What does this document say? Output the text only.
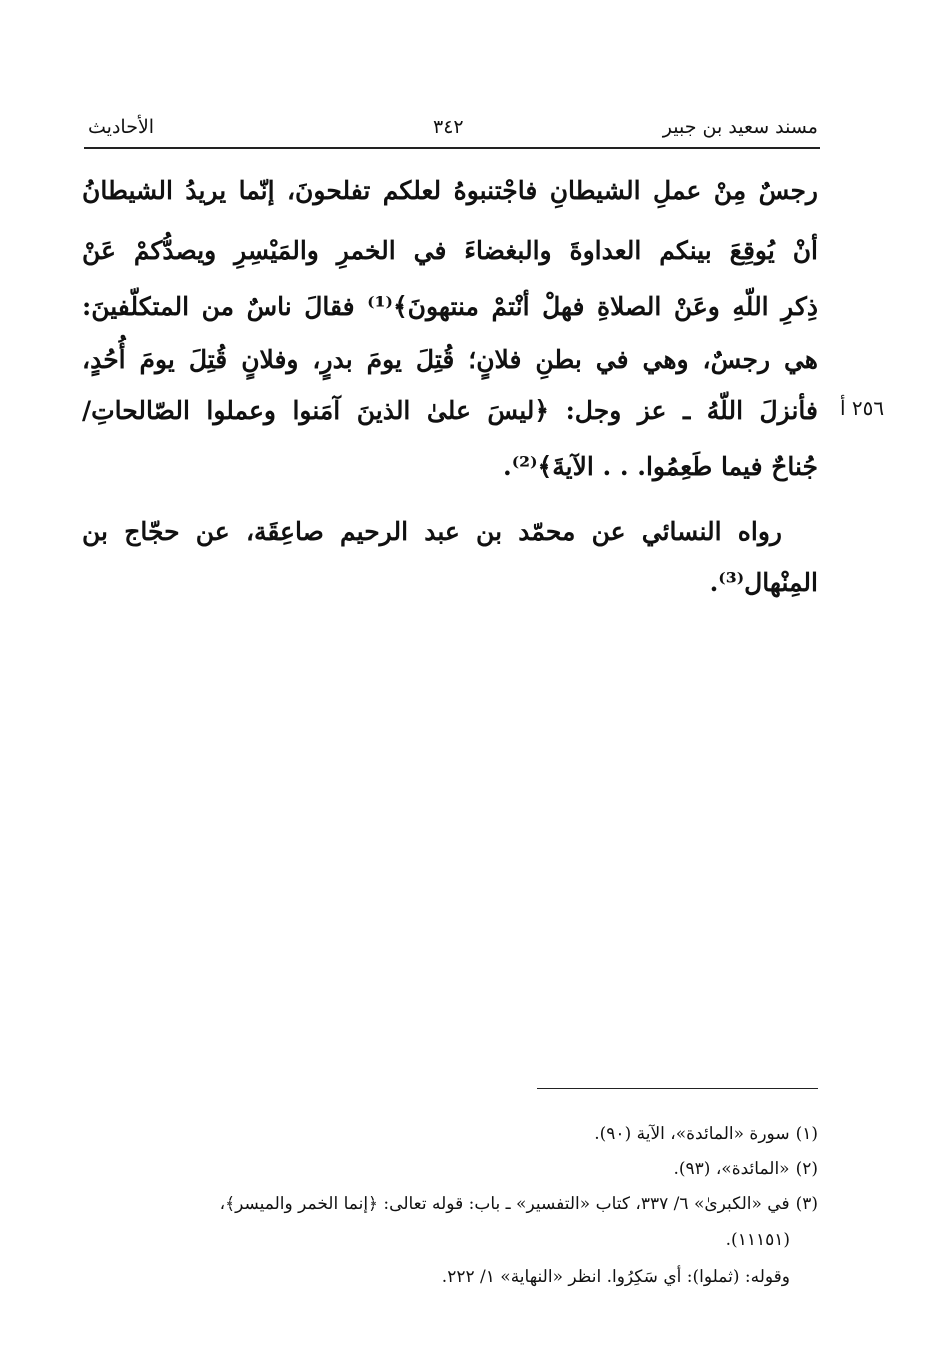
مسند سعيد بن جبير
٣٤٢
الأحاديث
رجسٌ مِنْ عملِ الشيطانِ فاجْتنبوهُ لعلكم تفلحونَ، إنّما يريدُ الشيطانُ
أنْ يُوقِعَ بينكم العداوةَ والبغضاءَ في الخمرِ والمَيْسِرِ ويصدُّكمْ عَنْ
ذِكرِ اللّهِ وعَنْ الصلاةِ فهلْ أنْتمْ منتهونَ﴾⁽¹⁾ فقالَ ناسٌ من المتكلّفينَ:
هي رجسٌ، وهي في بطنِ فلانٍ؛ قُتِلَ يومَ بدرٍ، وفلانٍ قُتِلَ يومَ أُحُدٍ،
فأنزلَ اللّهُ ـ عز وجل: ﴿ليسَ علىٰ الذينَ آمَنوا وعملوا الصّالحاتِ/
جُناحٌ فيما طَعِمُوا. . . الآيةَ﴾⁽²⁾.
٢٥٦ أ
رواه النسائي عن محمّد بن عبد الرحيم صاعِقَة، عن حجّاج بن
المِنْهال⁽³⁾.
(١)سورة «المائدة»، الآية (٩٠).
(٢)«المائدة»، (٩٣).
(٣)في «الكبرىٰ» ٦/ ٣٣٧، كتاب «التفسير» ـ باب: قوله تعالى: ﴿إنما الخمر والميسر﴾،
(١١١٥١).
وقوله: (ثملوا): أي سَكِرُوا. انظر «النهاية» ١/ ٢٢٢.
